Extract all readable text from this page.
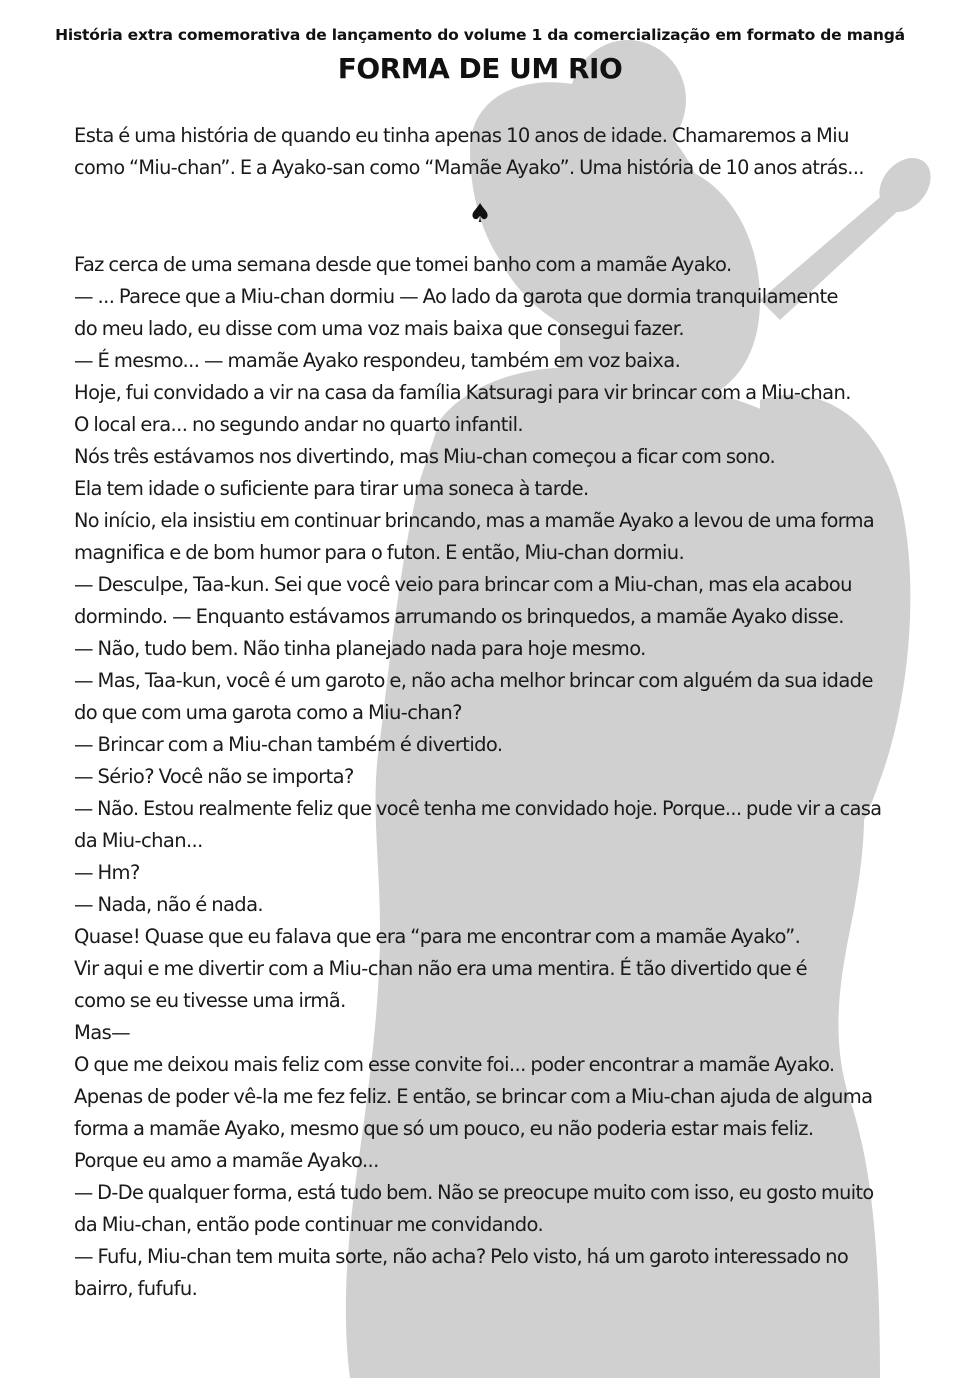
História extra comemorativa de lançamento do volume 1 da comercialização em formato de mangá
FORMA DE UM RIO
Esta é uma história de quando eu tinha apenas 10 anos de idade. Chamaremos a Miu
como “Miu-chan”. E a Ayako-san como “Mamãe Ayako”. Uma história de 10 anos atrás...
♠
Faz cerca de uma semana desde que tomei banho com a mamãe Ayako.
— ... Parece que a Miu-chan dormiu — Ao lado da garota que dormia tranquilamente
do meu lado, eu disse com uma voz mais baixa que consegui fazer.
— É mesmo... — mamãe Ayako respondeu, também em voz baixa.
Hoje, fui convidado a vir na casa da família Katsuragi para vir brincar com a Miu-chan.
O local era... no segundo andar no quarto infantil.
Nós três estávamos nos divertindo, mas Miu-chan começou a ficar com sono.
Ela tem idade o suficiente para tirar uma soneca à tarde.
No início, ela insistiu em continuar brincando, mas a mamãe Ayako a levou de uma forma
magnifica e de bom humor para o futon. E então, Miu-chan dormiu.
— Desculpe, Taa-kun. Sei que você veio para brincar com a Miu-chan, mas ela acabou
dormindo. — Enquanto estávamos arrumando os brinquedos, a mamãe Ayako disse.
— Não, tudo bem. Não tinha planejado nada para hoje mesmo.
— Mas, Taa-kun, você é um garoto e, não acha melhor brincar com alguém da sua idade
do que com uma garota como a Miu-chan?
— Brincar com a Miu-chan também é divertido.
— Sério? Você não se importa?
— Não. Estou realmente feliz que você tenha me convidado hoje. Porque... pude vir a casa
da Miu-chan...
— Hm?
— Nada, não é nada.
Quase! Quase que eu falava que era “para me encontrar com a mamãe Ayako”.
Vir aqui e me divertir com a Miu-chan não era uma mentira. É tão divertido que é
como se eu tivesse uma irmã.
Mas—
O que me deixou mais feliz com esse convite foi... poder encontrar a mamãe Ayako.
Apenas de poder vê-la me fez feliz. E então, se brincar com a Miu-chan ajuda de alguma
forma a mamãe Ayako, mesmo que só um pouco, eu não poderia estar mais feliz.
Porque eu amo a mamãe Ayako...
— D-De qualquer forma, está tudo bem. Não se preocupe muito com isso, eu gosto muito
da Miu-chan, então pode continuar me convidando.
— Fufu, Miu-chan tem muita sorte, não acha? Pelo visto, há um garoto interessado no
bairro, fufufu.
